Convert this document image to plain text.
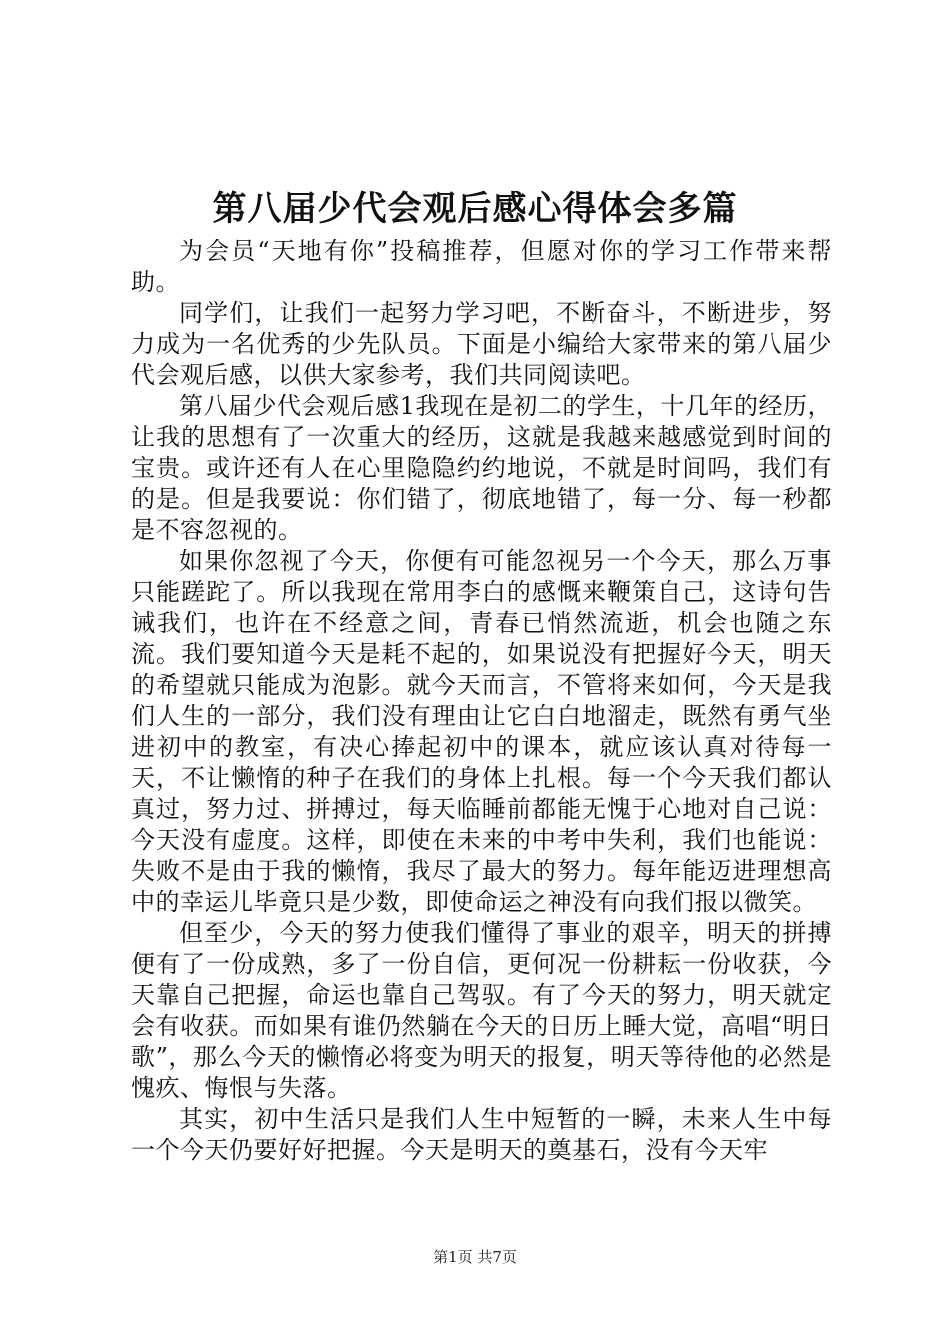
第八届少代会观后感心得体会多篇

为会员“天地有你”投稿推荐，但愿对你的学习工作带来帮助。

同学们，让我们一起努力学习吧，不断奋斗，不断进步，努力成为一名优秀的少先队员。下面是小编给大家带来的第八届少代会观后感，以供大家参考，我们共同阅读吧。

第八届少代会观后感1我现在是初二的学生，十几年的经历，让我的思想有了一次重大的经历，这就是我越来越感觉到时间的宝贵。或许还有人在心里隐隐约约地说，不就是时间吗，我们有的是。但是我要说：你们错了，彻底地错了，每一分、每一秒都是不容忽视的。

如果你忽视了今天，你便有可能忽视另一个今天，那么万事只能蹉跎了。所以我现在常用李白的感慨来鞭策自己，这诗句告诫我们，也许在不经意之间，青春已悄然流逝，机会也随之东流。我们要知道今天是耗不起的，如果说没有把握好今天，明天的希望就只能成为泡影。就今天而言，不管将来如何，今天是我们人生的一部分，我们没有理由让它白白地溜走，既然有勇气坐进初中的教室，有决心捧起初中的课本，就应该认真对待每一天，不让懒惰的种子在我们的身体上扎根。每一个今天我们都认真过，努力过、拼搏过，每天临睡前都能无愧于心地对自己说：今天没有虚度。这样，即使在未来的中考中失利，我们也能说：失败不是由于我的懒惰，我尽了最大的努力。每年能迈进理想高中的幸运儿毕竟只是少数，即使命运之神没有向我们报以微笑。

但至少，今天的努力使我们懂得了事业的艰辛，明天的拼搏便有了一份成熟，多了一份自信，更何况一份耕耘一份收获，今天靠自己把握，命运也靠自己驾驭。有了今天的努力，明天就定会有收获。而如果有谁仍然躺在今天的日历上睡大觉，高唱“明日歌”，那么今天的懒惰必将变为明天的报复，明天等待他的必然是愧疚、悔恨与失落。

其实，初中生活只是我们人生中短暂的一瞬，未来人生中每一个今天仍要好好把握。今天是明天的奠基石，没有今天牢

第1页 共7页
